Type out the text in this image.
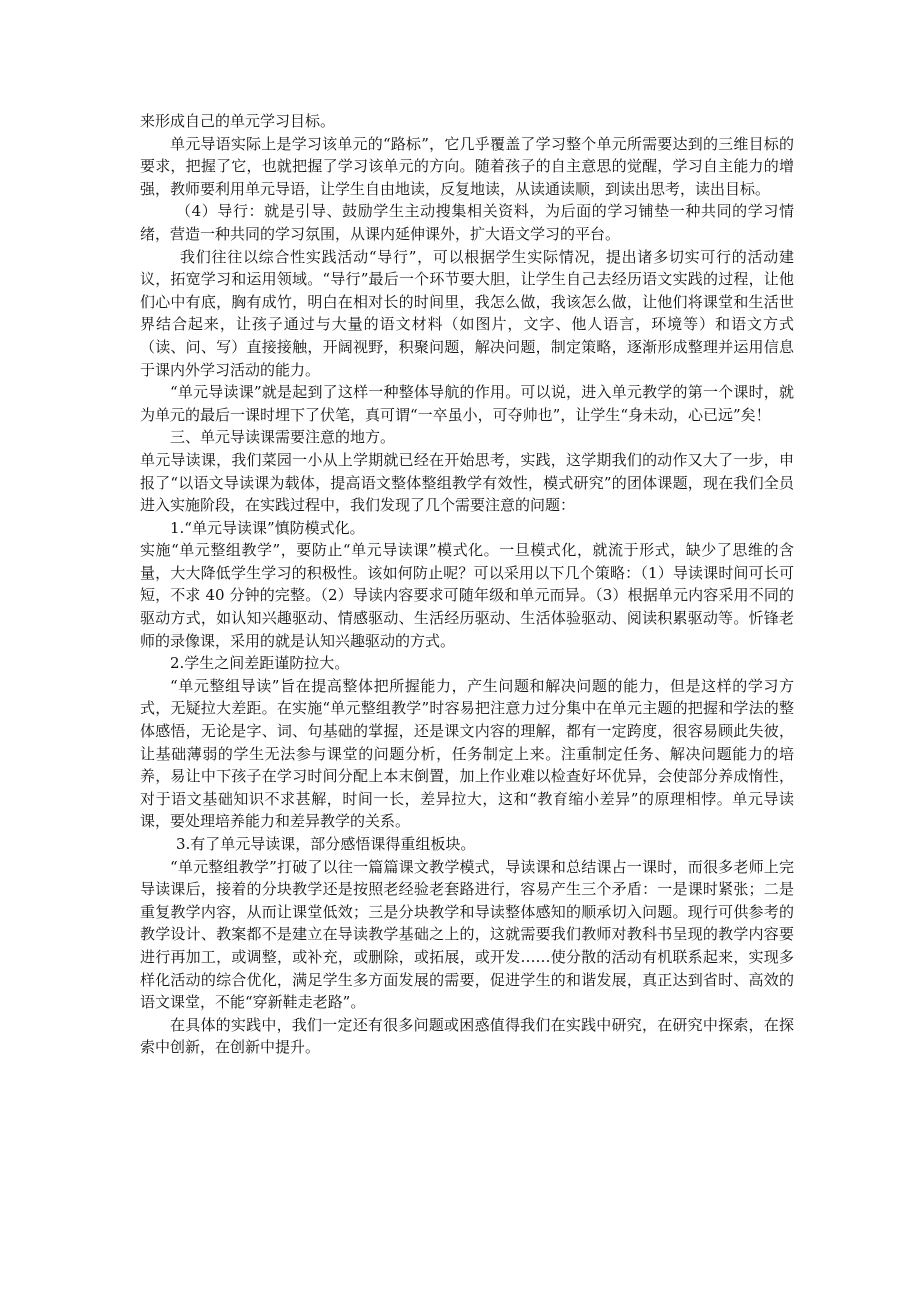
来形成自己的单元学习目标。

单元导语实际上是学习该单元的“路标”，它几乎覆盖了学习整个单元所需要达到的三维目标的要求，把握了它，也就把握了学习该单元的方向。随着孩子的自主意思的觉醒，学习自主能力的增强，教师要利用单元导语，让学生自由地读，反复地读，从读通读顺，到读出思考，读出目标。

（4）导行：就是引导、鼓励学生主动搜集相关资料，为后面的学习铺垫一种共同的学习情绪，营造一种共同的学习氛围，从课内延伸课外，扩大语文学习的平台。

我们往往以综合性实践活动“导行”，可以根据学生实际情况，提出诸多切实可行的活动建议，拓宽学习和运用领域。“导行”最后一个环节要大胆，让学生自己去经历语文实践的过程，让他们心中有底，胸有成竹，明白在相对长的时间里，我怎么做，我该怎么做，让他们将课堂和生活世界结合起来，让孩子通过与大量的语文材料（如图片，文字、他人语言，环境等）和语文方式（读、问、写）直接接触，开阔视野，积聚问题，解决问题，制定策略，逐渐形成整理并运用信息于课内外学习活动的能力。

“单元导读课”就是起到了这样一种整体导航的作用。可以说，进入单元教学的第一个课时，就为单元的最后一课时埋下了伏笔，真可谓“一卒虽小，可夺帅也”，让学生“身未动，心已远”矣！

三、单元导读课需要注意的地方。

单元导读课，我们菜园一小从上学期就已经在开始思考，实践，这学期我们的动作又大了一步，申报了“以语文导读课为载体，提高语文整体整组教学有效性，模式研究”的团体课题，现在我们全员进入实施阶段，在实践过程中，我们发现了几个需要注意的问题：

1.“单元导读课”慎防模式化。

实施“单元整组教学”，要防止“单元导读课”模式化。一旦模式化，就流于形式，缺少了思维的含量，大大降低学生学习的积极性。该如何防止呢？可以采用以下几个策略：（1）导读课时间可长可短，不求 40 分钟的完整。（2）导读内容要求可随年级和单元而异。（3）根据单元内容采用不同的驱动方式，如认知兴趣驱动、情感驱动、生活经历驱动、生活体验驱动、阅读积累驱动等。忻锋老师的录像课，采用的就是认知兴趣驱动的方式。

2.学生之间差距谨防拉大。

“单元整组导读”旨在提高整体把所握能力，产生问题和解决问题的能力，但是这样的学习方式，无疑拉大差距。在实施“单元整组教学”时容易把注意力过分集中在单元主题的把握和学法的整体感悟，无论是字、词、句基础的掌握，还是课文内容的理解，都有一定跨度，很容易顾此失彼，让基础薄弱的学生无法参与课堂的问题分析，任务制定上来。注重制定任务、解决问题能力的培养，易让中下孩子在学习时间分配上本末倒置，加上作业难以检查好坏优异，会使部分养成惰性，对于语文基础知识不求甚解，时间一长，差异拉大，这和“教育缩小差异”的原理相悖。单元导读课，要处理培养能力和差异教学的关系。

3.有了单元导读课，部分感悟课得重组板块。

“单元整组教学”打破了以往一篇篇课文教学模式，导读课和总结课占一课时，而很多老师上完导读课后，接着的分块教学还是按照老经验老套路进行，容易产生三个矛盾：一是课时紧张；二是重复教学内容，从而让课堂低效；三是分块教学和导读整体感知的顺承切入问题。现行可供参考的教学设计、教案都不是建立在导读教学基础之上的，这就需要我们教师对教科书呈现的教学内容要进行再加工，或调整，或补充，或删除，或拓展，或开发……使分散的活动有机联系起来，实现多样化活动的综合优化，满足学生多方面发展的需要，促进学生的和谐发展，真正达到省时、高效的语文课堂，不能“穿新鞋走老路”。

在具体的实践中，我们一定还有很多问题或困惑值得我们在实践中研究，在研究中探索，在探索中创新，在创新中提升。
